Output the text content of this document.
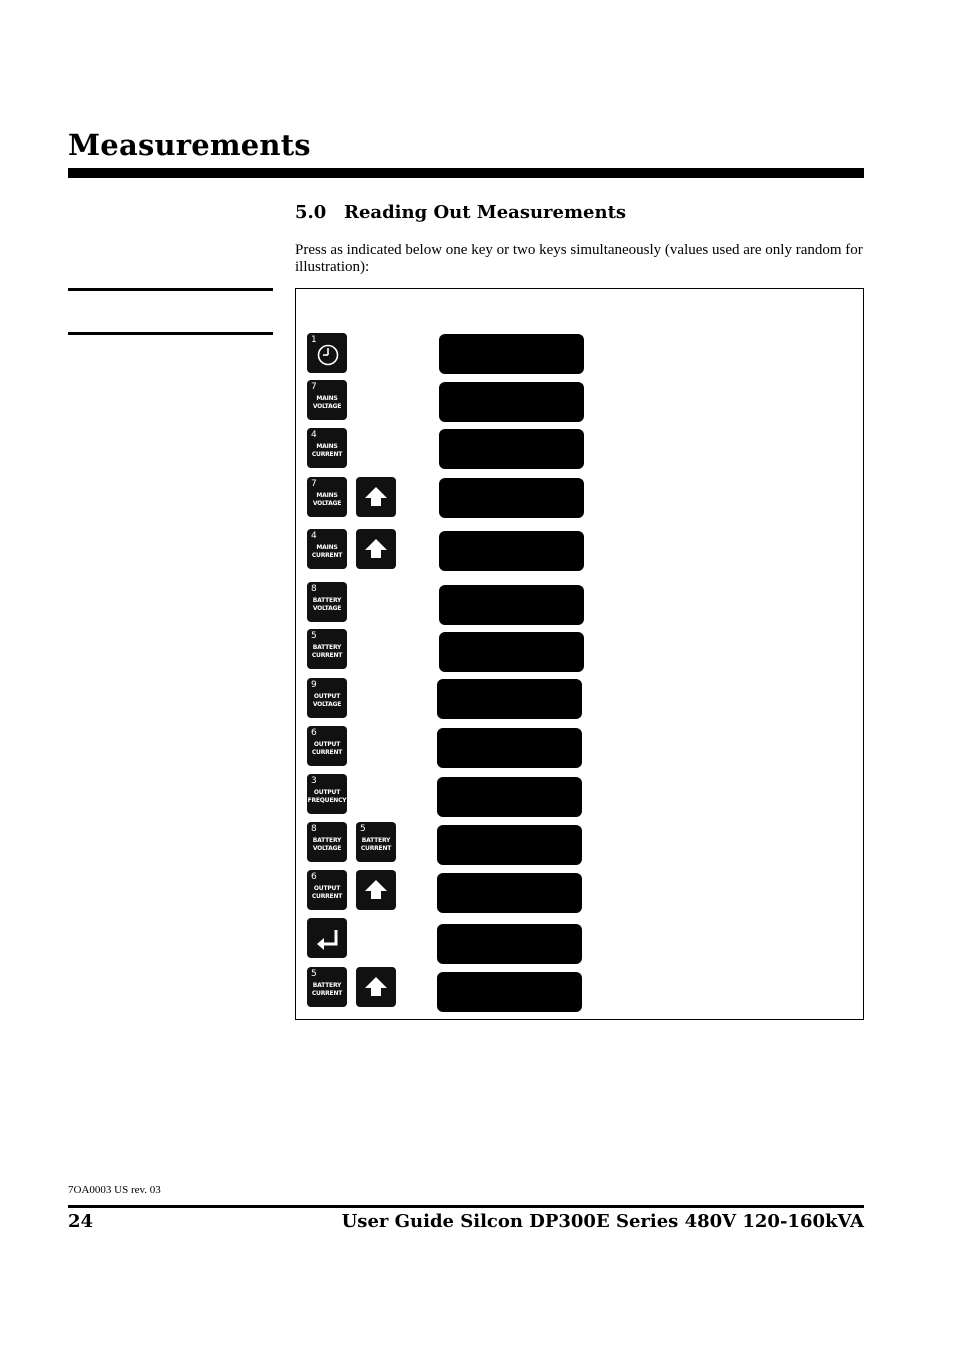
Measurements
5.0 Reading Out Measurements

Press as indicated below one key or two keys simultaneously (values used are only random for illustration):

1
7
MAINS
VOLTAGE
4
MAINS
CURRENT
7
MAINS
VOLTAGE
4
MAINS
CURRENT
8
BATTERY
VOLTAGE
5
BATTERY
CURRENT
9
OUTPUT
VOLTAGE
6
OUTPUT
CURRENT
3
OUTPUT
FREQUENCY
8
BATTERY
VOLTAGE
5
BATTERY
CURRENT
6
OUTPUT
CURRENT
5
BATTERY
CURRENT

7OA0003 US rev. 03

24	User Guide Silcon DP300E Series 480V 120-160kVA
